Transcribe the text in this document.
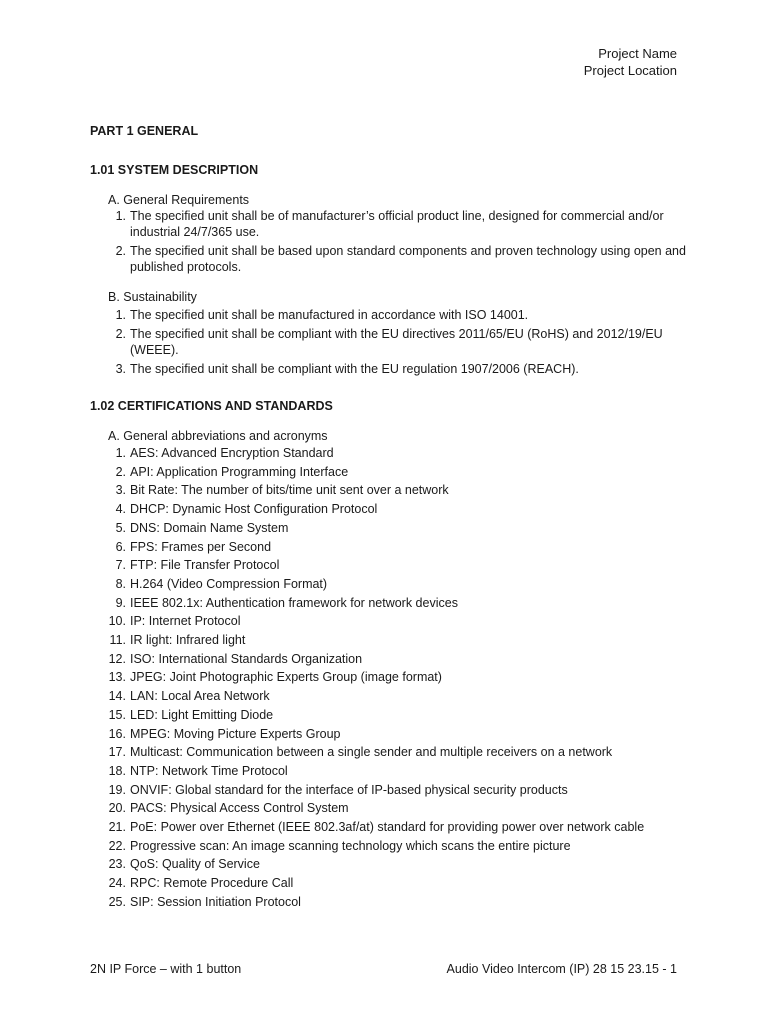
Project Name
Project Location
PART 1 GENERAL
1.01 SYSTEM DESCRIPTION
A. General Requirements
1. The specified unit shall be of manufacturer’s official product line, designed for commercial and/or industrial 24/7/365 use.
2. The specified unit shall be based upon standard components and proven technology using open and published protocols.
B. Sustainability
1. The specified unit shall be manufactured in accordance with ISO 14001.
2. The specified unit shall be compliant with the EU directives 2011/65/EU (RoHS) and 2012/19/EU (WEEE).
3. The specified unit shall be compliant with the EU regulation 1907/2006 (REACH).
1.02 CERTIFICATIONS AND STANDARDS
A. General abbreviations and acronyms
1. AES: Advanced Encryption Standard
2. API: Application Programming Interface
3. Bit Rate: The number of bits/time unit sent over a network
4. DHCP: Dynamic Host Configuration Protocol
5. DNS: Domain Name System
6. FPS: Frames per Second
7. FTP: File Transfer Protocol
8. H.264 (Video Compression Format)
9. IEEE 802.1x: Authentication framework for network devices
10. IP: Internet Protocol
11. IR light: Infrared light
12. ISO: International Standards Organization
13. JPEG: Joint Photographic Experts Group (image format)
14. LAN: Local Area Network
15. LED: Light Emitting Diode
16. MPEG: Moving Picture Experts Group
17. Multicast: Communication between a single sender and multiple receivers on a network
18. NTP: Network Time Protocol
19. ONVIF: Global standard for the interface of IP-based physical security products
20. PACS: Physical Access Control System
21. PoE: Power over Ethernet (IEEE 802.3af/at) standard for providing power over network cable
22. Progressive scan: An image scanning technology which scans the entire picture
23. QoS: Quality of Service
24. RPC: Remote Procedure Call
25. SIP: Session Initiation Protocol
2N IP Force – with 1 button	Audio Video Intercom (IP) 28 15 23.15 - 1
